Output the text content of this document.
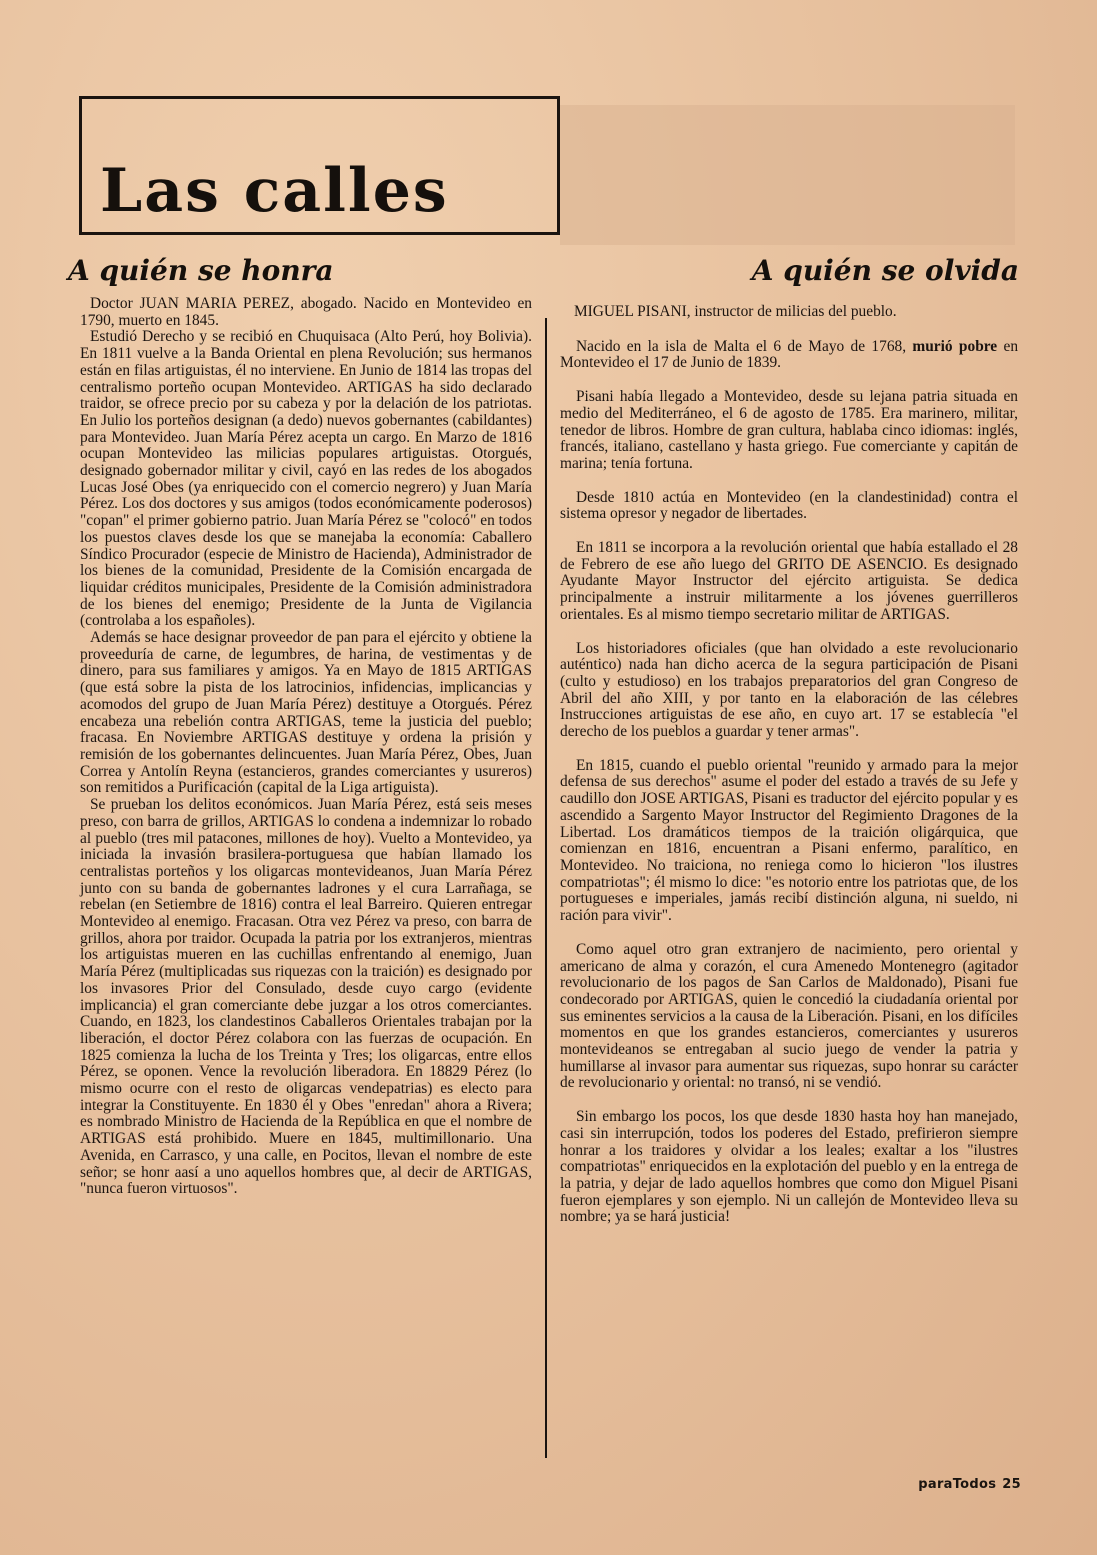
Las calles
A quién se honra	A quién se olvida

Doctor JUAN MARIA PEREZ, abogado. Nacido en Montevideo en 1790, muerto en 1845.

Estudió Derecho y se recibió en Chuquisaca (Alto Perú, hoy Bolivia). En 1811 vuelve a la Banda Oriental en plena Revolución; sus hermanos están en filas artiguistas, él no interviene. En Junio de 1814 las tropas del centralismo porteño ocupan Montevideo. ARTIGAS ha sido declarado traidor, se ofrece precio por su cabeza y por la delación de los patriotas. En Julio los porteños designan (a dedo) nuevos gobernantes (cabildantes) para Montevideo. Juan María Pérez acepta un cargo. En Marzo de 1816 ocupan Montevideo las milicias populares artiguistas. Otorgués, designado gobernador militar y civil, cayó en las redes de los abogados Lucas José Obes (ya enriquecido con el comercio negrero) y Juan María Pérez. Los dos doctores y sus amigos (todos económicamente poderosos) "copan" el primer gobierno patrio. Juan María Pérez se "colocó" en todos los puestos claves desde los que se manejaba la economía: Caballero Síndico Procurador (especie de Ministro de Hacienda), Administrador de los bienes de la comunidad, Presidente de la Comisión encargada de liquidar créditos municipales, Presidente de la Comisión administradora de los bienes del enemigo; Presidente de la Junta de Vigilancia (controlaba a los españoles).

Además se hace designar proveedor de pan para el ejército y obtiene la proveeduría de carne, de legumbres, de harina, de vestimentas y de dinero, para sus familiares y amigos. Ya en Mayo de 1815 ARTIGAS (que está sobre la pista de los latrocinios, infidencias, implicancias y acomodos del grupo de Juan María Pérez) destituye a Otorgués. Pérez encabeza una rebelión contra ARTIGAS, teme la justicia del pueblo; fracasa. En Noviembre ARTIGAS destituye y ordena la prisión y remisión de los gobernantes delincuentes. Juan María Pérez, Obes, Juan Correa y Antolín Reyna (estancieros, grandes comerciantes y usureros) son remitidos a Purificación (capital de la Liga artiguista).

Se prueban los delitos económicos. Juan María Pérez, está seis meses preso, con barra de grillos, ARTIGAS lo condena a indemnizar lo robado al pueblo (tres mil patacones, millones de hoy). Vuelto a Montevideo, ya iniciada la invasión brasilera-portuguesa que habían llamado los centralistas porteños y los oligarcas montevideanos, Juan María Pérez junto con su banda de gobernantes ladrones y el cura Larrañaga, se rebelan (en Setiembre de 1816) contra el leal Barreiro. Quieren entregar Montevideo al enemigo. Fracasan. Otra vez Pérez va preso, con barra de grillos, ahora por traidor. Ocupada la patria por los extranjeros, mientras los artiguistas mueren en las cuchillas enfrentando al enemigo, Juan María Pérez (multiplicadas sus riquezas con la traición) es designado por los invasores Prior del Consulado, desde cuyo cargo (evidente implicancia) el gran comerciante debe juzgar a los otros comerciantes. Cuando, en 1823, los clandestinos Caballeros Orientales trabajan por la liberación, el doctor Pérez colabora con las fuerzas de ocupación. En 1825 comienza la lucha de los Treinta y Tres; los oligarcas, entre ellos Pérez, se oponen. Vence la revolución liberadora. En 18829 Pérez (lo mismo ocurre con el resto de oligarcas vendepatrias) es electo para integrar la Constituyente. En 1830 él y Obes "enredan" ahora a Rivera; es nombrado Ministro de Hacienda de la República en que el nombre de ARTIGAS está prohibido. Muere en 1845, multimillonario. Una Avenida, en Carrasco, y una calle, en Pocitos, llevan el nombre de este señor; se honr aasí a uno aquellos hombres que, al decir de ARTIGAS, "nunca fueron virtuosos".

MIGUEL PISANI, instructor de milicias del pueblo.

Nacido en la isla de Malta el 6 de Mayo de 1768, murió pobre en Montevideo el 17 de Junio de 1839.

Pisani había llegado a Montevideo, desde su lejana patria situada en medio del Mediterráneo, el 6 de agosto de 1785. Era marinero, militar, tenedor de libros. Hombre de gran cultura, hablaba cinco idiomas: inglés, francés, italiano, castellano y hasta griego. Fue comerciante y capitán de marina; tenía fortuna.

Desde 1810 actúa en Montevideo (en la clandestinidad) contra el sistema opresor y negador de libertades.

En 1811 se incorpora a la revolución oriental que había estallado el 28 de Febrero de ese año luego del GRITO DE ASENCIO. Es designado Ayudante Mayor Instructor del ejército artiguista. Se dedica principalmente a instruir militarmente a los jóvenes guerrilleros orientales. Es al mismo tiempo secretario militar de ARTIGAS.

Los historiadores oficiales (que han olvidado a este revolucionario auténtico) nada han dicho acerca de la segura participación de Pisani (culto y estudioso) en los trabajos preparatorios del gran Congreso de Abril del año XIII, y por tanto en la elaboración de las célebres Instrucciones artiguistas de ese año, en cuyo art. 17 se establecía "el derecho de los pueblos a guardar y tener armas".

En 1815, cuando el pueblo oriental "reunido y armado para la mejor defensa de sus derechos" asume el poder del estado a través de su Jefe y caudillo don JOSE ARTIGAS, Pisani es traductor del ejército popular y es ascendido a Sargento Mayor Instructor del Regimiento Dragones de la Libertad. Los dramáticos tiempos de la traición oligárquica, que comienzan en 1816, encuentran a Pisani enfermo, paralítico, en Montevideo. No traiciona, no reniega como lo hicieron "los ilustres compatriotas"; él mismo lo dice: "es notorio entre los patriotas que, de los portugueses e imperiales, jamás recibí distinción alguna, ni sueldo, ni ración para vivir".

Como aquel otro gran extranjero de nacimiento, pero oriental y americano de alma y corazón, el cura Amenedo Montenegro (agitador revolucionario de los pagos de San Carlos de Maldonado), Pisani fue condecorado por ARTIGAS, quien le concedió la ciudadanía oriental por sus eminentes servicios a la causa de la Liberación. Pisani, en los difíciles momentos en que los grandes estancieros, comerciantes y usureros montevideanos se entregaban al sucio juego de vender la patria y humillarse al invasor para aumentar sus riquezas, supo honrar su carácter de revolucionario y oriental: no transó, ni se vendió.

Sin embargo los pocos, los que desde 1830 hasta hoy han manejado, casi sin interrupción, todos los poderes del Estado, prefirieron siempre honrar a los traidores y olvidar a los leales; exaltar a los "ilustres compatriotas" enriquecidos en la explotación del pueblo y en la entrega de la patria, y dejar de lado aquellos hombres que como don Miguel Pisani fueron ejemplares y son ejemplo. Ni un callejón de Montevideo lleva su nombre; ya se hará justicia!

paraTodos 25
